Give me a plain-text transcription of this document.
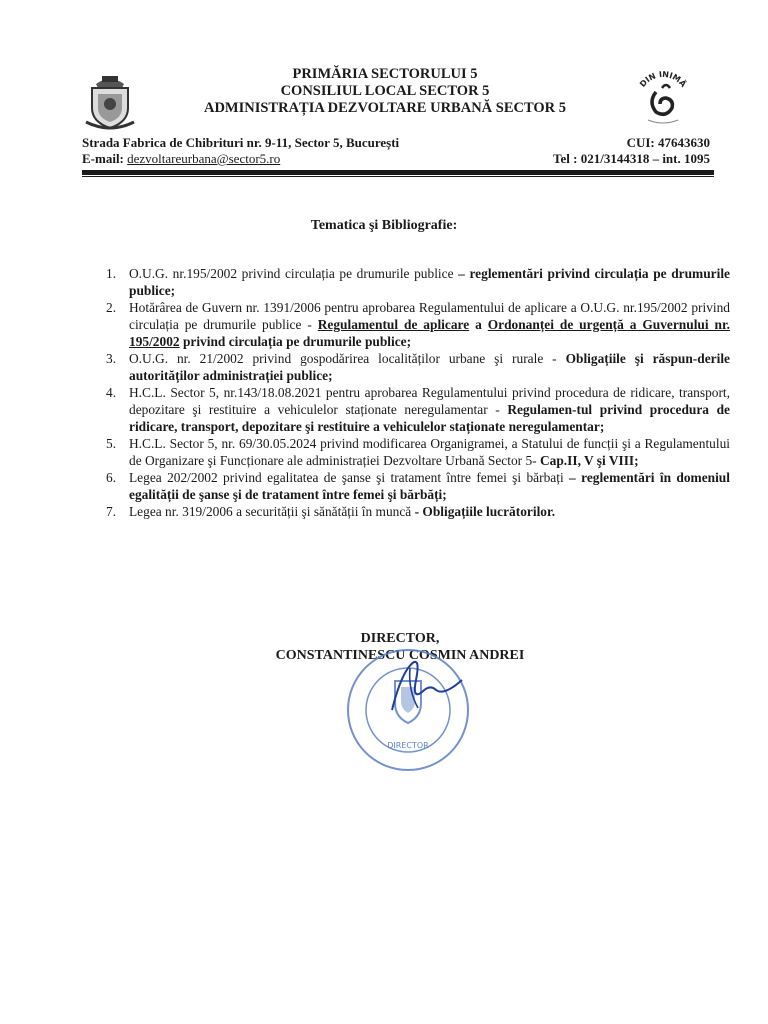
PRIMĂRIA SECTORULUI 5
CONSILIUL LOCAL SECTOR 5
ADMINISTRAȚIA DEZVOLTARE URBANĂ SECTOR 5
DIN INIMĂ
Strada Fabrica de Chibrituri nr. 9-11, Sector 5, București
E-mail: dezvoltareurbana@sector5.ro
CUI: 47643630
Tel : 021/3144318 – int. 1095
Tematica şi Bibliografie:
1. O.U.G. nr.195/2002 privind circulația pe drumurile publice – reglementări privind circulația pe drumurile publice;
2. Hotărârea de Guvern nr. 1391/2006 pentru aprobarea Regulamentului de aplicare a O.U.G. nr.195/2002 privind circulația pe drumurile publice - Regulamentul de aplicare a Ordonanței de urgență a Guvernului nr. 195/2002 privind circulația pe drumurile publice;
3. O.U.G. nr. 21/2002 privind gospodărirea localităților urbane şi rurale - Obligațiile şi răspun-derile autorităților administrației publice;
4. H.C.L. Sector 5, nr.143/18.08.2021 pentru aprobarea Regulamentului privind procedura de ridicare, transport, depozitare şi restituire a vehiculelor staționate neregulamentar - Regulamen-tul privind procedura de ridicare, transport, depozitare şi restituire a vehiculelor staționate neregulamentar;
5. H.C.L. Sector 5, nr. 69/30.05.2024 privind modificarea Organigramei, a Statului de funcții şi a Regulamentului de Organizare şi Funcționare ale administrației Dezvoltare Urbană Sector 5- Cap.II, V şi VIII;
6. Legea 202/2002 privind egalitatea de şanse şi tratament între femei şi bărbați – reglementări în domeniul egalității de şanse şi de tratament între femei şi bărbăți;
7. Legea nr. 319/2006 a securității şi sănătății în muncă - Obligațiile lucrătorilor.
DIRECTOR,
CONSTANTINESCU COSMIN ANDREI
DIRECTOR
